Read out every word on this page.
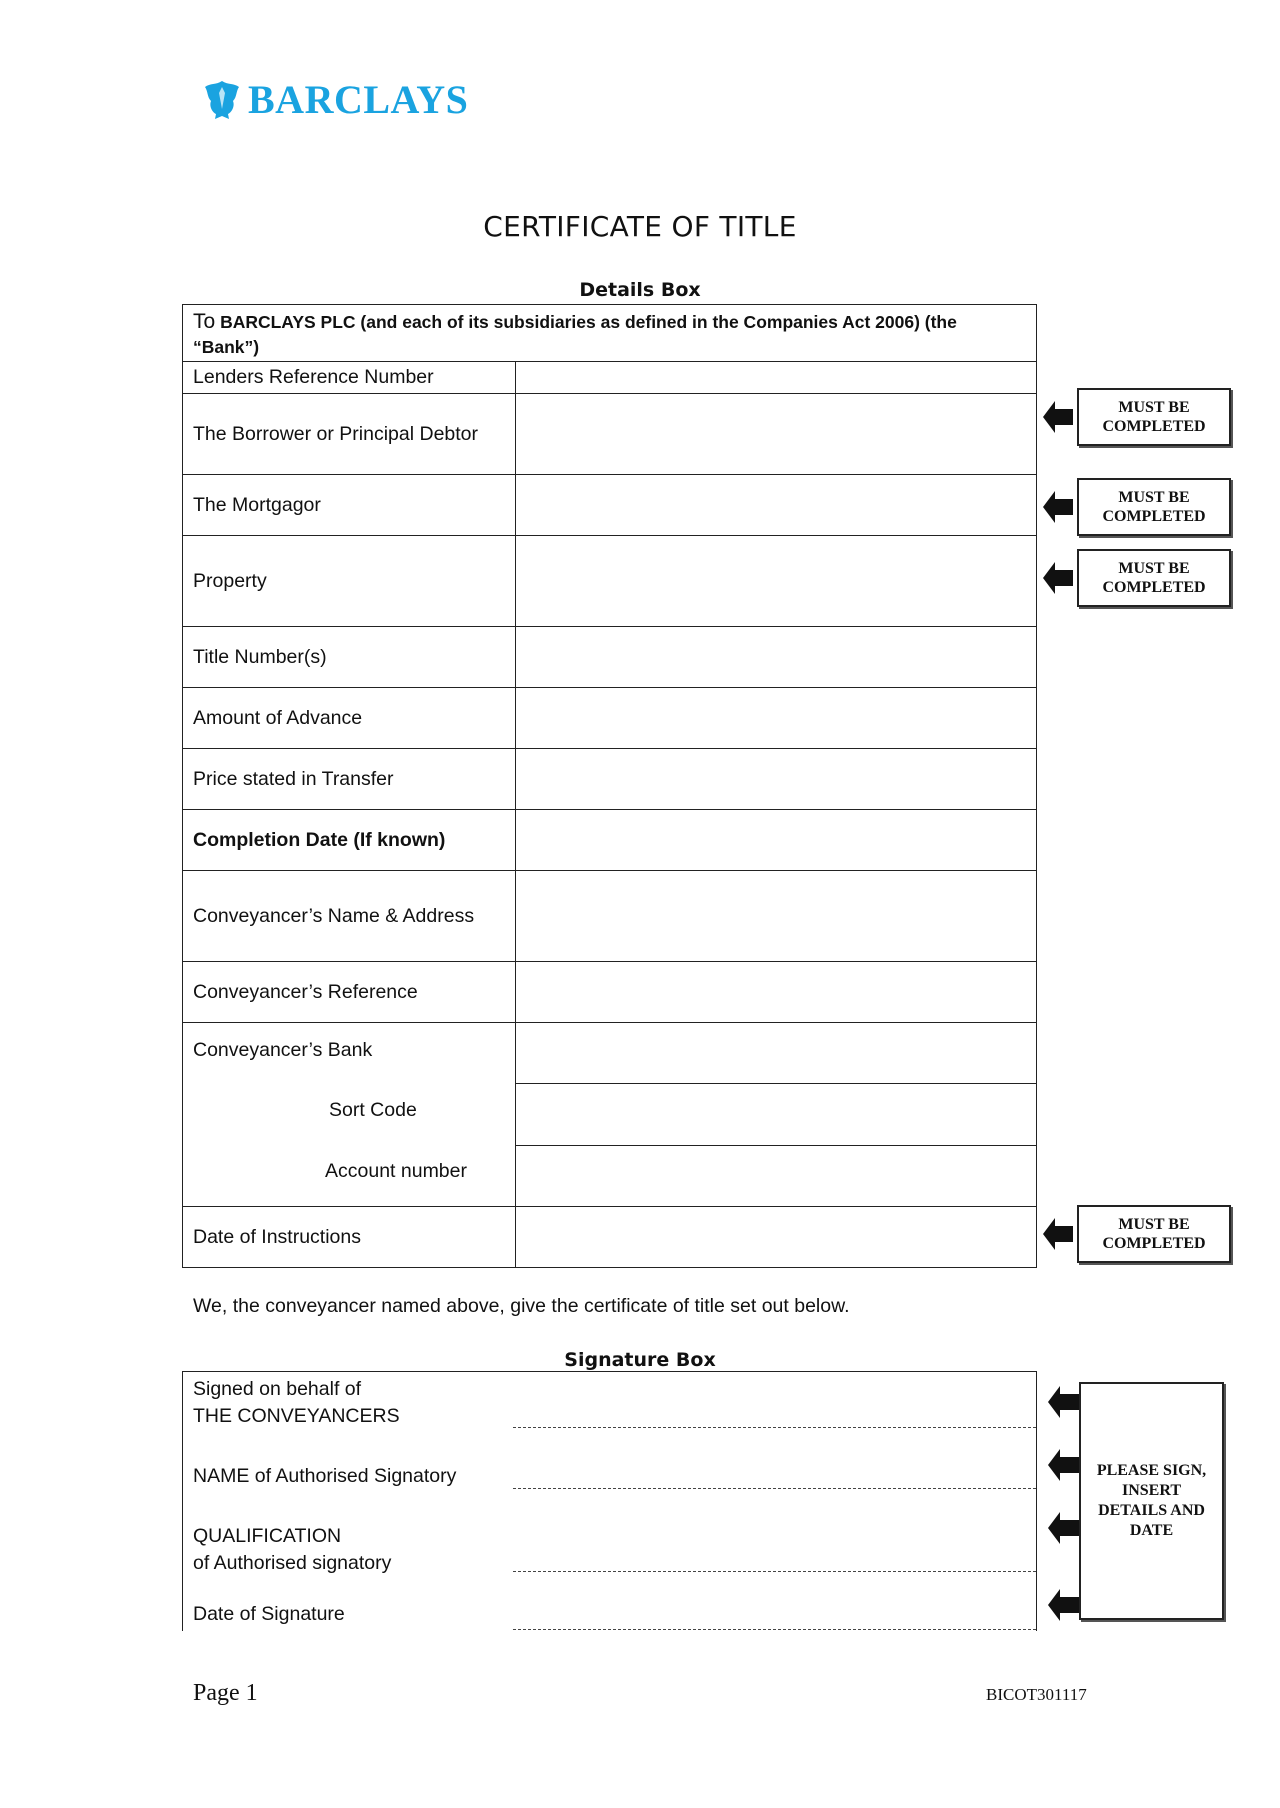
BARCLAYS
CERTIFICATE OF TITLE
Details Box
To BARCLAYS PLC (and each of its subsidiaries as defined in the Companies Act 2006) (the “Bank”)
Lenders Reference Number
The Borrower or Principal Debtor
The Mortgagor
Property
Title Number(s)
Amount of Advance
Price stated in Transfer
Completion Date (If known)
Conveyancer’s Name & Address
Conveyancer’s Reference
Conveyancer’s Bank
Sort Code
Account number
Date of Instructions
MUST BE COMPLETED
MUST BE COMPLETED
MUST BE COMPLETED
MUST BE COMPLETED
We, the conveyancer named above, give the certificate of title set out below.
Signature Box
Signed on behalf of
THE CONVEYANCERS
NAME of Authorised Signatory
QUALIFICATION
of Authorised signatory
Date of Signature
PLEASE SIGN, INSERT DETAILS AND DATE
Page 1	BICOT301117
